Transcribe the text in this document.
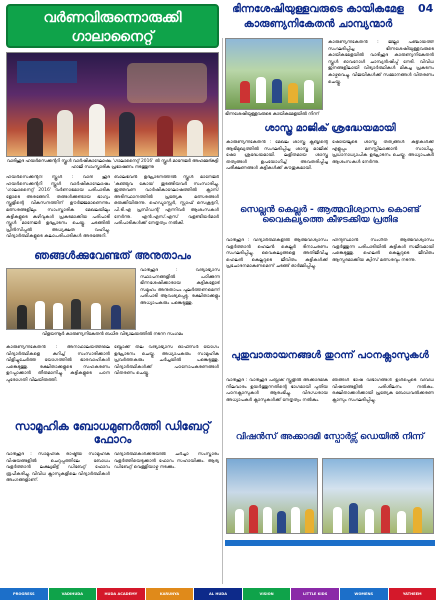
വർണവിരുന്നൊരുക്കി ഗാലാനൈറ്റ്
ഭിന്നശേഷിയുള്ളവരുടെ കായികമേള കാരുണ്യനികേതൻ ചാമ്പ്യന്മാർ
04
വാദിഹുദ ഹയർസെക്കന്ററി സ്കൂൾ വാർഷികാഘോഷം 'ഗാലാനൈറ്റ് 2016' ൽ സ്കൂൾ മാനേജർ അഹമ്മദ്കുട്ടി ഹാജി സാംസ്കാരിക പ്രഭാഷണം നടത്തുന്നു
ഹയർസെക്കന്ററി സ്കൂൾ : വാദി ഹുദ ഹയർസെക്കന്ററി സ്കൂൾ വാർഷികാഘോഷം 'ഗാലാനൈറ്റ് 2016' വർണാഭമായ പരിപാടിക ളോടെ അരങ്ങേറി. തങ്ങൾക്കുണ്ടായ ഭാഗ്യം സ്കൂളിന്റെ വികസനത്തിന് ഊർജ്ജമാണെന്നും മത്സരങ്ങളിലും സാംസ്കാരിക മേഖലയിലും കുട്ടികളുടെ കഴിവുകൾ പ്രകടമാക്കിയ പരിപാടി സ്കൂൾ മാനേജർ ഉദ്ഘാടനം ചെയ്തു. ചടങ്ങിൽ പ്രിൻസിപ്പൽ അധ്യക്ഷത വഹിച്ചു. വിദ്യാർത്ഥികളുടെ കലാപരിപാടികൾ അരങ്ങേറി.
ബാലഭവൻ ഉദ്ഘാടനത്തിൽ സ്കൂൾ മാനേജർ 'കുഞ്ഞുവ കോയ' തുടങ്ങിയവർ സംസാരിച്ചു. ഇത്തവണ വാർഷികാഘോഷത്തിൽ ക്ലാസ് അടിസ്ഥാനത്തിൽ പ്രത്യേക മത്സരങ്ങൾ ഒരുക്കിയിരുന്നു. ഹെഡ്മാസ്റ്റർ, സ്റ്റാഫ് സെക്രട്ടറി, പി.ടി.എ പ്രസിഡന്റ് എന്നിവർ ആശംസകൾ നേർന്നു. എൻ.എസ്.എസ് വളണ്ടിയർമാർ പരിപാടികൾക്ക് നേതൃത്വം നൽകി.
കാരുണ്യനികേതൻ : ജില്ലാ പഞ്ചായത്ത് സംഘടിപ്പിച്ച ഭിന്നശേഷിയുള്ളവരുടെ കായികമേളയിൽ വാദിഹുദ കാരുണ്യനികേതൻ സ്കൂൾ ഓവറോൾ ചാമ്പ്യൻഷിപ്പ് നേടി. വിവിധ ഇനങ്ങളിലായി വിദ്യാർത്ഥികൾ മികച്ച പ്രകടനം കാഴ്ചവെച്ചു. വിജയികൾക്ക് സമ്മാനങ്ങൾ വിതരണം ചെയ്തു.
ഭിന്നശേഷിയുള്ളവരുടെ കായികമേളയിൽ നിന്ന്
ശാസ്ത്ര മാജിക് ശ്രദ്ധേയമായി
കാരുണ്യനികേതൻ : മേഖല ശാസ്ത്ര ക്ലബ്ബിന്റെ ആഭിമുഖ്യത്തിൽ സംഘടിപ്പിച്ച ശാസ്ത്ര മാജിക് ഷോ ശ്രദ്ധേയമായി. ലളിതമായ ശാസ്ത്ര തത്വങ്ങൾ ഉപയോഗിച്ച് അവതരിപ്പിച്ച പരീക്ഷണങ്ങൾ കുട്ടികൾക്ക് കൗതുകമായി.
ഷോയിലൂടെ ശാസ്ത്ര തത്വങ്ങൾ കുട്ടികൾക്ക് എളുപ്പം മനസ്സിലാക്കാൻ സാധിച്ചു. പ്രധാനാധ്യാപിക ഉദ്ഘാടനം ചെയ്തു. അധ്യാപകർ ആശംസകൾ നേർന്നു.
ഞങ്ങൾക്കുവേണ്ടത് അനുതാപം
വാദിഹുദ : വിദ്യാഭ്യാസ സ്ഥാപനങ്ങളിൽ പഠിക്കുന്ന ഭിന്നശേഷിക്കാരായ കുട്ടികളോട് സമൂഹം അനുതാപം പുലർത്തണമെന്ന് പരിപാടി ആവശ്യപ്പെട്ടു. രക്ഷിതാക്കളും അധ്യാപകരും പങ്കെടുത്തു.
വിളയന്നൂർ കാരുണ്യനികേതൻ ബധിര വിദ്യാലയത്തിൽ നടന്ന സംഗമം
കാരുണ്യനികേതൻ : അനാഥാലയത്തിലെ വിദ്യാർത്ഥികളെ കുറിച്ച് സംസാരിക്കാൻ വിളിച്ചുചേർത്ത യോഗത്തിൽ ഭാരവാഹികൾ പങ്കെടുത്തു. രക്ഷിതാക്കളുടെ സഹകരണം ഉറപ്പാക്കാൻ തീരുമാനിച്ചു. കുട്ടികളുടെ പഠന പുരോഗതി വിലയിരുത്തി.
ബ്ലോക്ക് തല വിദ്യാഭ്യാസ ഓഫീസർ യോഗം ഉദ്ഘാടനം ചെയ്തു. അധ്യാപകരും സാമൂഹിക പ്രവർത്തകരും ചർച്ചയിൽ പങ്കെടുത്തു. വിദ്യാർത്ഥികൾക്ക് പഠനോപകരണങ്ങൾ വിതരണം ചെയ്തു.
സാമൂഹിക ബോധമുണർത്തി ഡിബേറ്റ് ഫോറം
വാദിഹുദ : സാമൂഹിക രാഷ്ട്രീയ സാമൂഹിക വിഷയങ്ങളിൽ ചെറുപ്പത്തിലേ ബോധം വളർത്താൻ ലക്ഷ്യമിട്ട് ഡിബേറ്റ് ഫോറം രൂപീകരിച്ചു. വിവിധ ക്ലാസുകളിലെ വിദ്യാർത്ഥികൾ അംഗങ്ങളാണ്.
വിദ്യാർത്ഥികൾക്കിടയിൽ ചർച്ചാ സംസ്കാരം വളർത്തിയെടുക്കാൻ ഫോറം സഹായിക്കും. ആദ്യ ഡിബേറ്റ് വെള്ളിയാഴ്ച നടക്കും.
സെല്ലൻ കെല്ലർ - ആത്മവിശ്വാസം കൊണ്ട് വൈകല്യത്തെ കീഴടക്കിയ പ്രതിഭ
വാദിഹുദ : വിദ്യാർത്ഥികളിൽ ആത്മവിശ്വാസം വളർത്താൻ ഹെലൻ കെല്ലർ ദിനാചരണം സംഘടിപ്പിച്ചു. വൈകല്യങ്ങളെ അതിജീവിച്ച ഹെലൻ കെല്ലറുടെ ജീവിതം കുട്ടികൾക്ക് പ്രചോദനമാകണമെന്ന് ചടങ്ങ് ഓർമ്മിപ്പിച്ചു.
ഹിന്ദുസ്ഥാൻ സംഗീത ആത്മവിശ്വാസം വളർത്തുന്ന പരിപാടിയിൽ കുട്ടികൾ സജീവമായി പങ്കെടുത്തു. ഹെലൻ കെല്ലറുടെ ജീവിതം ആസ്പദമാക്കിയ ക്വിസ് മത്സരവും നടന്നു.
പുതുവാതായനങ്ങൾ തുറന്ന് പഠനക്ലാസുകൾ
വാദിഹുദ : വാദിഹുദ പബ്ലിക് സ്കൂളിൽ അക്കാദമിക നിലവാരം ഉയർത്തുന്നതിന്റെ ഭാഗമായി പുതിയ പഠനക്ലാസുകൾ ആരംഭിച്ചു. വിദഗ്ധരായ അധ്യാപകർ ക്ലാസുകൾക്ക് നേതൃത്വം നൽകും.
ഞങ്ങൾ ഭാഷ വിഭാഗങ്ങൾ ഉൾപ്പെടെ വിവിധ വിഷയങ്ങളിൽ പരിശീലനം നൽകും. രക്ഷിതാക്കൾക്കായി പ്രത്യേക ബോധവൽക്കരണ ക്ലാസും സംഘടിപ്പിച്ചു.
വിഷൻസ് അക്കാദമി സ്പോർട്സ് ഡെയിൽ നിന്ന്
PROGRESS	VADIHUDA	HUDA ACADEMY	KARUNYA	AL HUDA	VISION	LITTLE KIDS	WOMENS	YATHEEM
